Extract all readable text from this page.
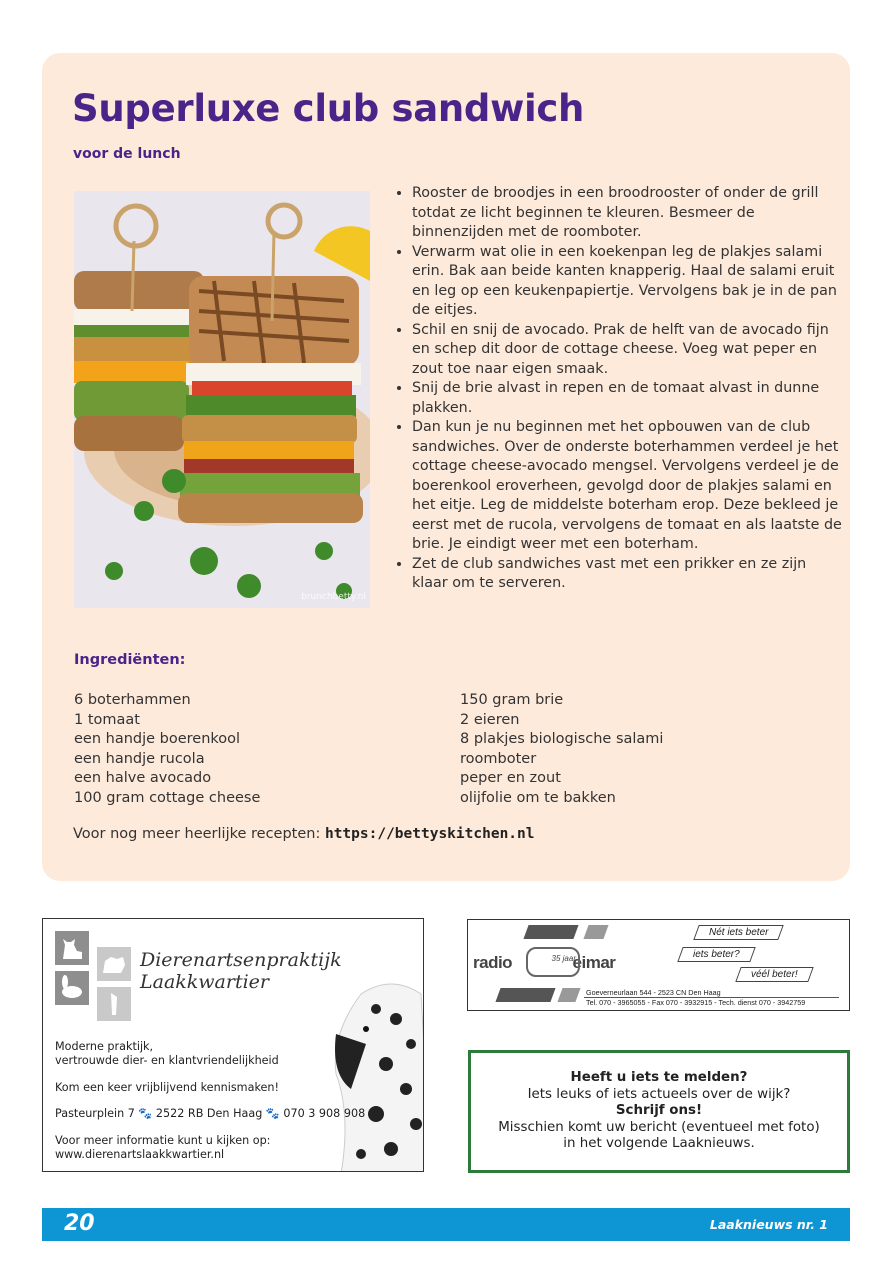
Superluxe club sandwich
voor de lunch
brunchbetty.nl
• Rooster de broodjes in een broodrooster of onder de grill totdat ze licht beginnen te kleuren. Besmeer de binnenzijden met de roomboter.
• Verwarm wat olie in een koekenpan leg de plakjes salami erin. Bak aan beide kanten knapperig. Haal de salami eruit en leg op een keukenpapiertje. Vervolgens bak je in de pan de eitjes.
• Schil en snij de avocado. Prak de helft van de avocado fijn en schep dit door de cottage cheese. Voeg wat peper en zout toe naar eigen smaak.
• Snij de brie alvast in repen en de tomaat alvast in dunne plakken.
• Dan kun je nu beginnen met het opbouwen van de club sandwiches. Over de onderste boterhammen verdeel je het cottage cheese-avocado mengsel. Vervolgens verdeel je de boerenkool eroverheen, gevolgd door de plakjes salami en het eitje. Leg de middelste boterham erop. Deze bekleed je eerst met de rucola, vervolgens de tomaat en als laatste de brie. Je eindigt weer met een boterham.
• Zet de club sandwiches vast met een prikker en ze zijn klaar om te serveren.
Ingrediënten:
6 boterhammen
1 tomaat
een handje boerenkool
een handje rucola
een halve avocado
100 gram cottage cheese
150 gram brie
2 eieren
8 plakjes biologische salami
roomboter
peper en zout
olijfolie om te bakken
Voor nog meer heerlijke recepten: https://bettyskitchen.nl
Dierenartsenpraktijk Laakkwartier
Moderne praktijk,
vertrouwde dier- en klantvriendelijkheid
Kom een keer vrijblijvend kennismaken!
Pasteurplein 7 🐾 2522 RB Den Haag 🐾 070 3 908 908
Voor meer informatie kunt u kijken op:
www.dierenartslaakkwartier.nl
radio	eimar
35 jaar
Nét iets beter
iets beter?
véél beter!
Goeverneurlaan 544 - 2523 CN Den Haag
Tel. 070 - 3965055 - Fax 070 - 3932915 - Tech. dienst 070 - 3942759
Heeft u iets te melden?
Iets leuks of iets actueels over de wijk?
Schrijf ons!
Misschien komt uw bericht (eventueel met foto)
in het volgende Laaknieuws.
20	Laaknieuws nr. 1
